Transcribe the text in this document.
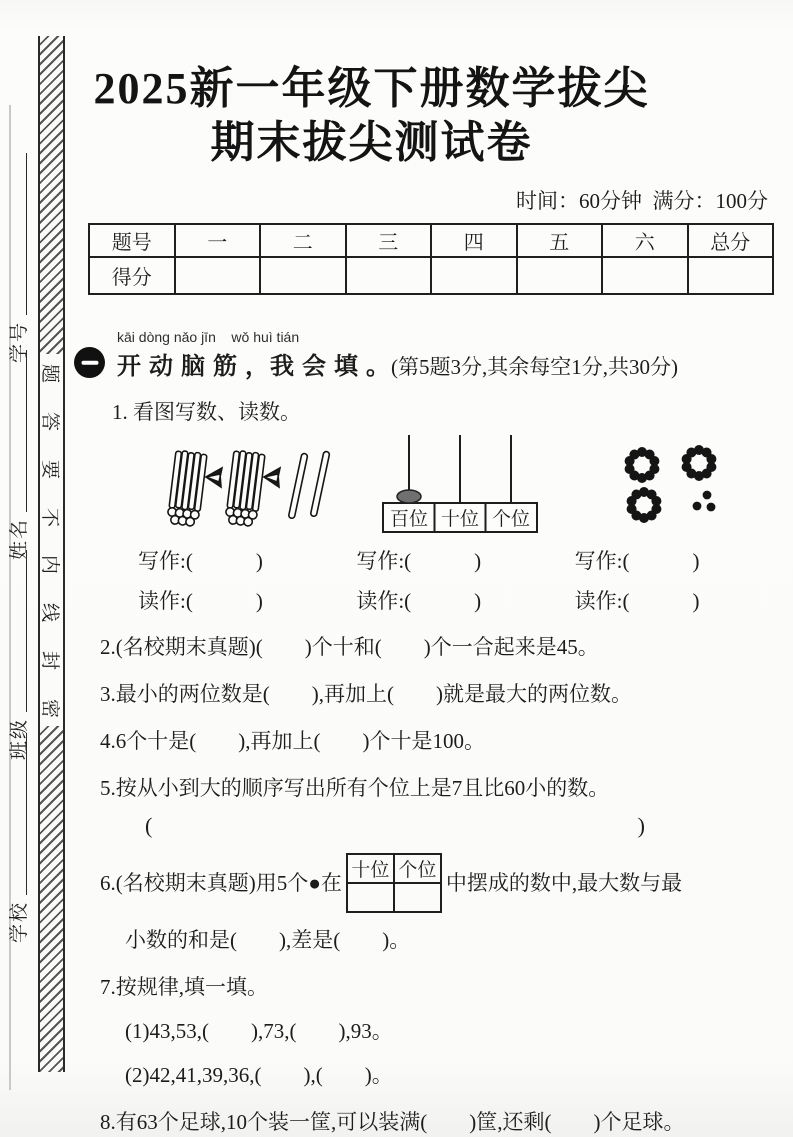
题
答
要
不
内
线
封
密
学号
姓名
班级
学校
2025新一年级下册数学拔尖
期末拔尖测试卷
时间：60分钟  满分：100分
题号	一	二	三	四	五	六	总分
得分							
kāi dòng nǎo jīn    wǒ huì tián
开 动 脑 筋 ，我 会 填 。 (第5题3分,其余每空1分,共30分)
1. 看图写数、读数。
百位 十位 个位
写作:(            )	写作:(            )	写作:(            )
读作:(            )	读作:(            )	读作:(            )
2.(名校期末真题)(        )个十和(        )个一合起来是45。
3.最小的两位数是(        ),再加上(        )就是最大的两位数。
4.6个十是(        ),再加上(        )个十是100。
5.按从小到大的顺序写出所有个位上是7且比60小的数。
(	)
6.(名校期末真题)用5个●在
十位	个位

中摆成的数中,最大数与最
小数的和是(        ),差是(        )。
7.按规律,填一填。
(1)43,53,(        ),73,(        ),93。
(2)42,41,39,36,(        ),(        )。
8.有63个足球,10个装一筐,可以装满(        )筐,还剩(        )个足球。
